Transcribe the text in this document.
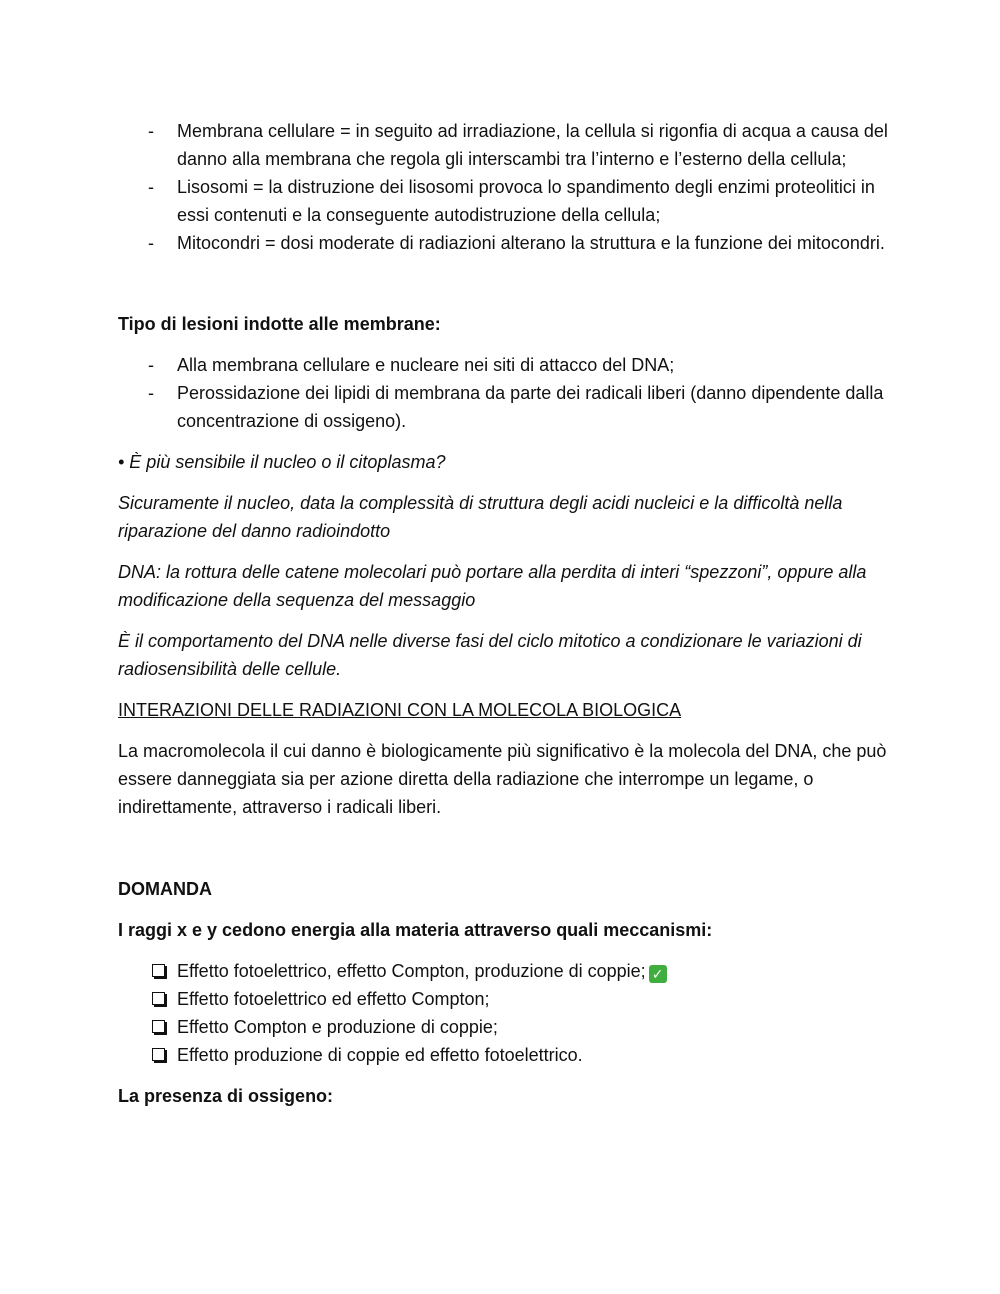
- Membrana cellulare = in seguito ad irradiazione, la cellula si rigonfia di acqua a causa del danno alla membrana che regola gli interscambi tra l’interno e l’esterno della cellula;
- Lisosomi = la distruzione dei lisosomi provoca lo spandimento degli enzimi proteolitici in essi contenuti e la conseguente autodistruzione della cellula;
- Mitocondri = dosi moderate di radiazioni alterano la struttura e la funzione dei mitocondri.

Tipo di lesioni indotte alle membrane:

- Alla membrana cellulare e nucleare nei siti di attacco del DNA;
- Perossidazione dei lipidi di membrana da parte dei radicali liberi (danno dipendente dalla concentrazione di ossigeno).

• È più sensibile il nucleo o il citoplasma?

Sicuramente il nucleo, data la complessità di struttura degli acidi nucleici e la difficoltà nella riparazione del danno radioindotto

DNA: la rottura delle catene molecolari può portare alla perdita di interi “spezzoni”, oppure alla modificazione della sequenza del messaggio

È il comportamento del DNA nelle diverse fasi del ciclo mitotico a condizionare le variazioni di radiosensibilità delle cellule.

INTERAZIONI DELLE RADIAZIONI CON LA MOLECOLA BIOLOGICA

La macromolecola il cui danno è biologicamente più significativo è la molecola del DNA, che può essere danneggiata sia per azione diretta della radiazione che interrompe un legame, o indirettamente, attraverso i radicali liberi.

DOMANDA

I raggi x e y cedono energia alla materia attraverso quali meccanismi:

Effetto fotoelettrico, effetto Compton, produzione di coppie; ✓
Effetto fotoelettrico ed effetto Compton;
Effetto Compton e produzione di coppie;
Effetto produzione di coppie ed effetto fotoelettrico.

La presenza di ossigeno:
